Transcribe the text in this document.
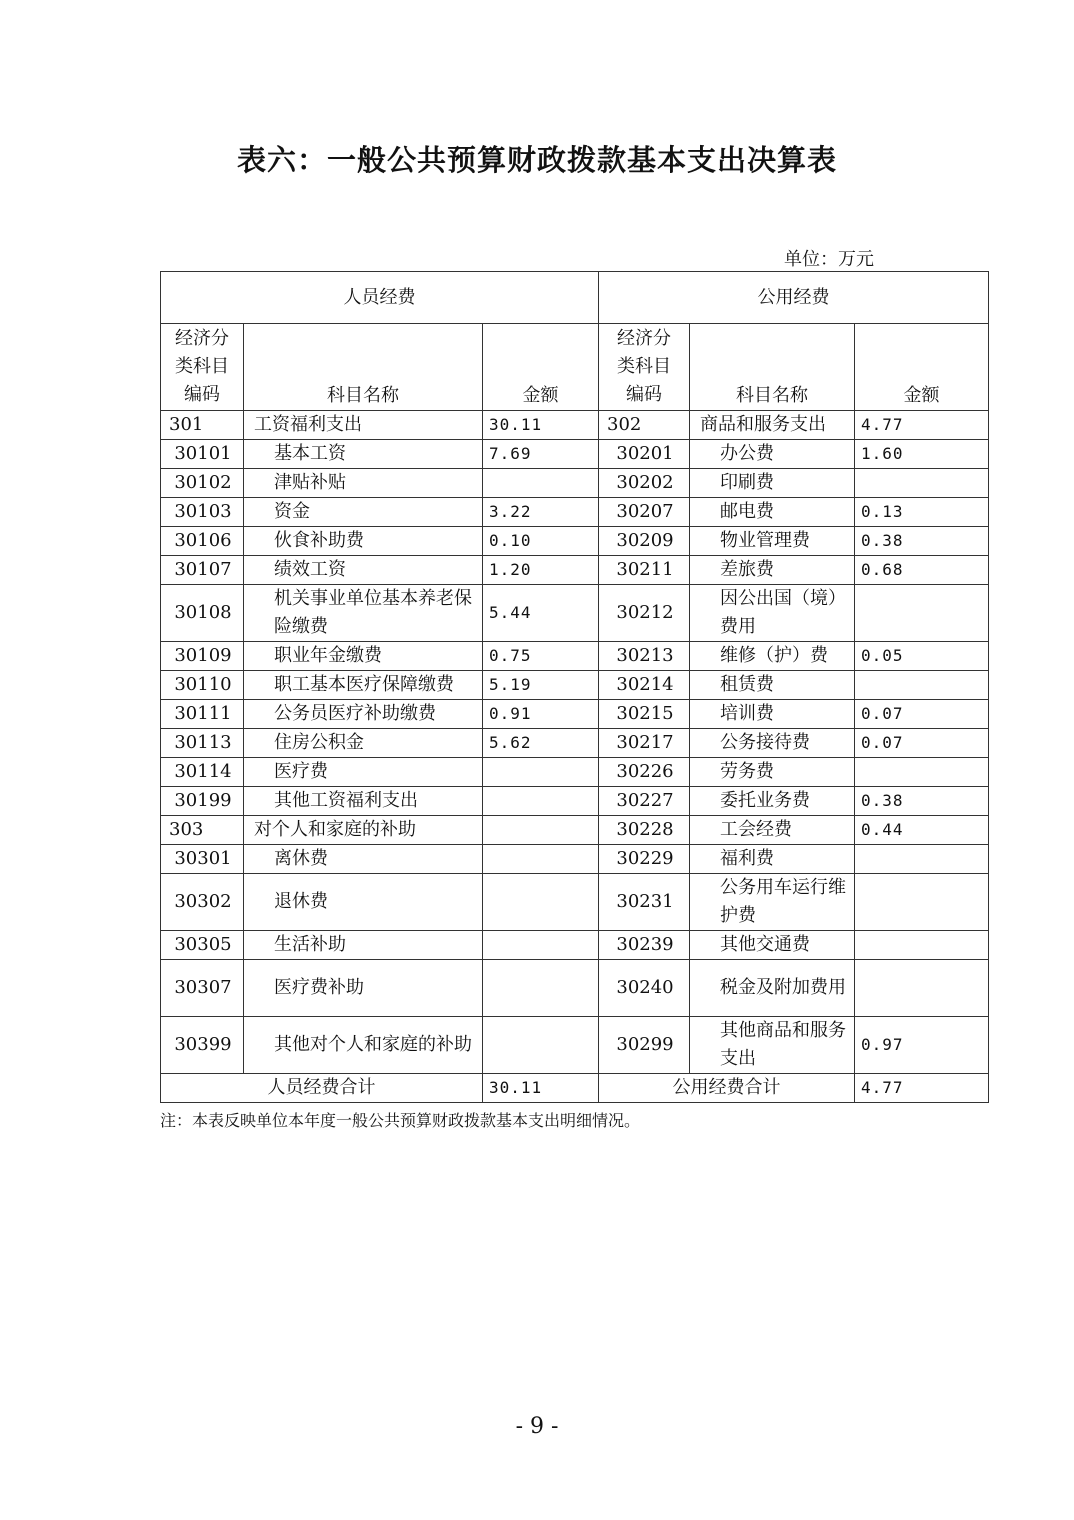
表六：一般公共预算财政拨款基本支出决算表
单位：万元
人员经费			公用经费		
经济分
类科目
编码	科目名称	金额	经济分
类科目
编码	科目名称	金额
301	工资福利支出	30.11	302	商品和服务支出	4.77
30101	基本工资	7.69	30201	办公费	1.60
30102	津贴补贴		30202	印刷费	
30103	资金	3.22	30207	邮电费	0.13
30106	伙食补助费	0.10	30209	物业管理费	0.38
30107	绩效工资	1.20	30211	差旅费	0.68
30108	机关事业单位基本养老保险缴费	5.44	30212	因公出国（境）费用	
30109	职业年金缴费	0.75	30213	维修（护）费	0.05
30110	职工基本医疗保障缴费	5.19	30214	租赁费	
30111	公务员医疗补助缴费	0.91	30215	培训费	0.07
30113	住房公积金	5.62	30217	公务接待费	0.07
30114	医疗费		30226	劳务费	
30199	其他工资福利支出		30227	委托业务费	0.38
303	对个人和家庭的补助		30228	工会经费	0.44
30301	离休费		30229	福利费	
30302	退休费		30231	公务用车运行维护费	
30305	生活补助		30239	其他交通费	
30307	医疗费补助		30240	税金及附加费用	
30399	其他对个人和家庭的补助		30299	其他商品和服务支出	0.97
人员经费合计		30.11	公用经费合计		4.77
注：本表反映单位本年度一般公共预算财政拨款基本支出明细情况。
- 9 -
